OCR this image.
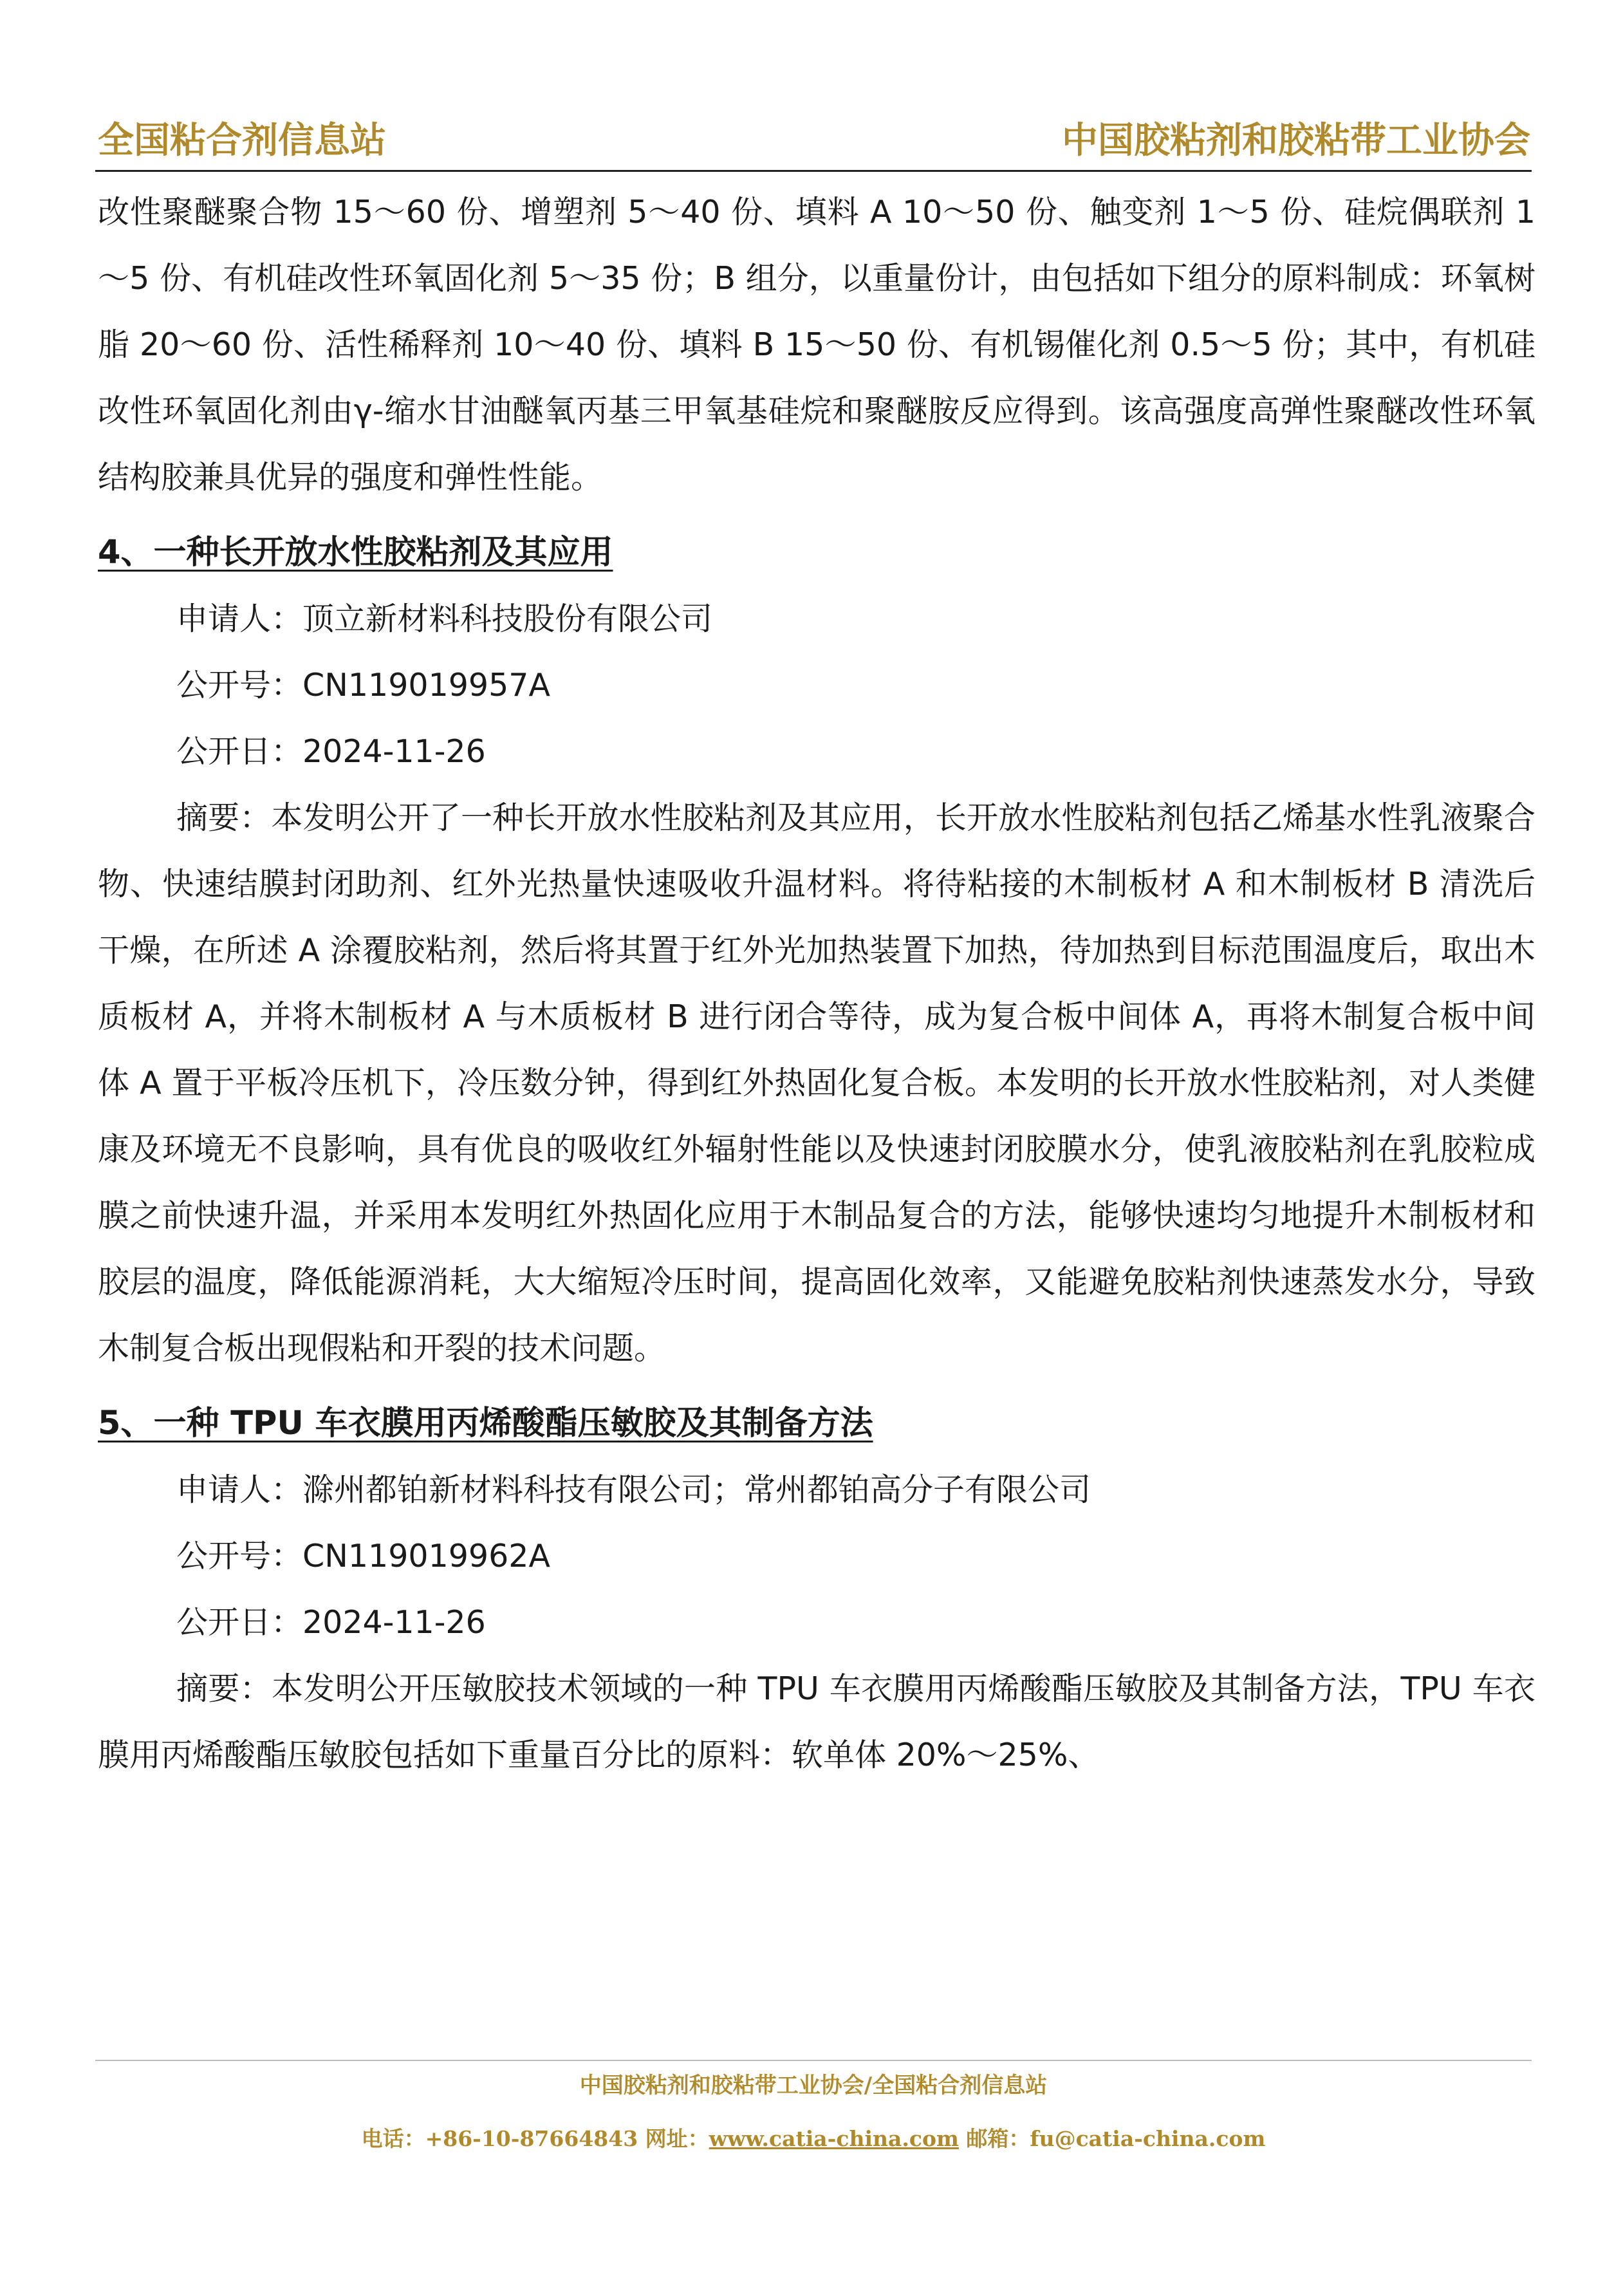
全国粘合剂信息站	中国胶粘剂和胶粘带工业协会

改性聚醚聚合物 15～60 份、增塑剂 5～40 份、填料 A 10～50 份、触变剂 1～5 份、硅烷偶联剂 1～5 份、有机硅改性环氧固化剂 5～35 份；B 组分，以重量份计，由包括如下组分的原料制成：环氧树脂 20～60 份、活性稀释剂 10～40 份、填料 B 15～50 份、有机锡催化剂 0.5～5 份；其中，有机硅改性环氧固化剂由γ-缩水甘油醚氧丙基三甲氧基硅烷和聚醚胺反应得到。该高强度高弹性聚醚改性环氧结构胶兼具优异的强度和弹性性能。

4、一种长开放水性胶粘剂及其应用
申请人：顶立新材料科技股份有限公司
公开号：CN119019957A
公开日：2024-11-26

摘要：本发明公开了一种长开放水性胶粘剂及其应用，长开放水性胶粘剂包括乙烯基水性乳液聚合物、快速结膜封闭助剂、红外光热量快速吸收升温材料。将待粘接的木制板材 A 和木制板材 B 清洗后干燥，在所述 A 涂覆胶粘剂，然后将其置于红外光加热装置下加热，待加热到目标范围温度后，取出木质板材 A，并将木制板材 A 与木质板材 B 进行闭合等待，成为复合板中间体 A，再将木制复合板中间体 A 置于平板冷压机下，冷压数分钟，得到红外热固化复合板。本发明的长开放水性胶粘剂，对人类健康及环境无不良影响，具有优良的吸收红外辐射性能以及快速封闭胶膜水分，使乳液胶粘剂在乳胶粒成膜之前快速升温，并采用本发明红外热固化应用于木制品复合的方法，能够快速均匀地提升木制板材和胶层的温度，降低能源消耗，大大缩短冷压时间，提高固化效率，又能避免胶粘剂快速蒸发水分，导致木制复合板出现假粘和开裂的技术问题。

5、一种 TPU 车衣膜用丙烯酸酯压敏胶及其制备方法
申请人：滁州都铂新材料科技有限公司；常州都铂高分子有限公司
公开号：CN119019962A
公开日：2024-11-26

摘要：本发明公开压敏胶技术领域的一种 TPU 车衣膜用丙烯酸酯压敏胶及其制备方法，TPU 车衣膜用丙烯酸酯压敏胶包括如下重量百分比的原料：软单体 20%～25%、

中国胶粘剂和胶粘带工业协会/全国粘合剂信息站
电话：+86-10-87664843 网址：www.catia-china.com 邮箱：fu@catia-china.com
